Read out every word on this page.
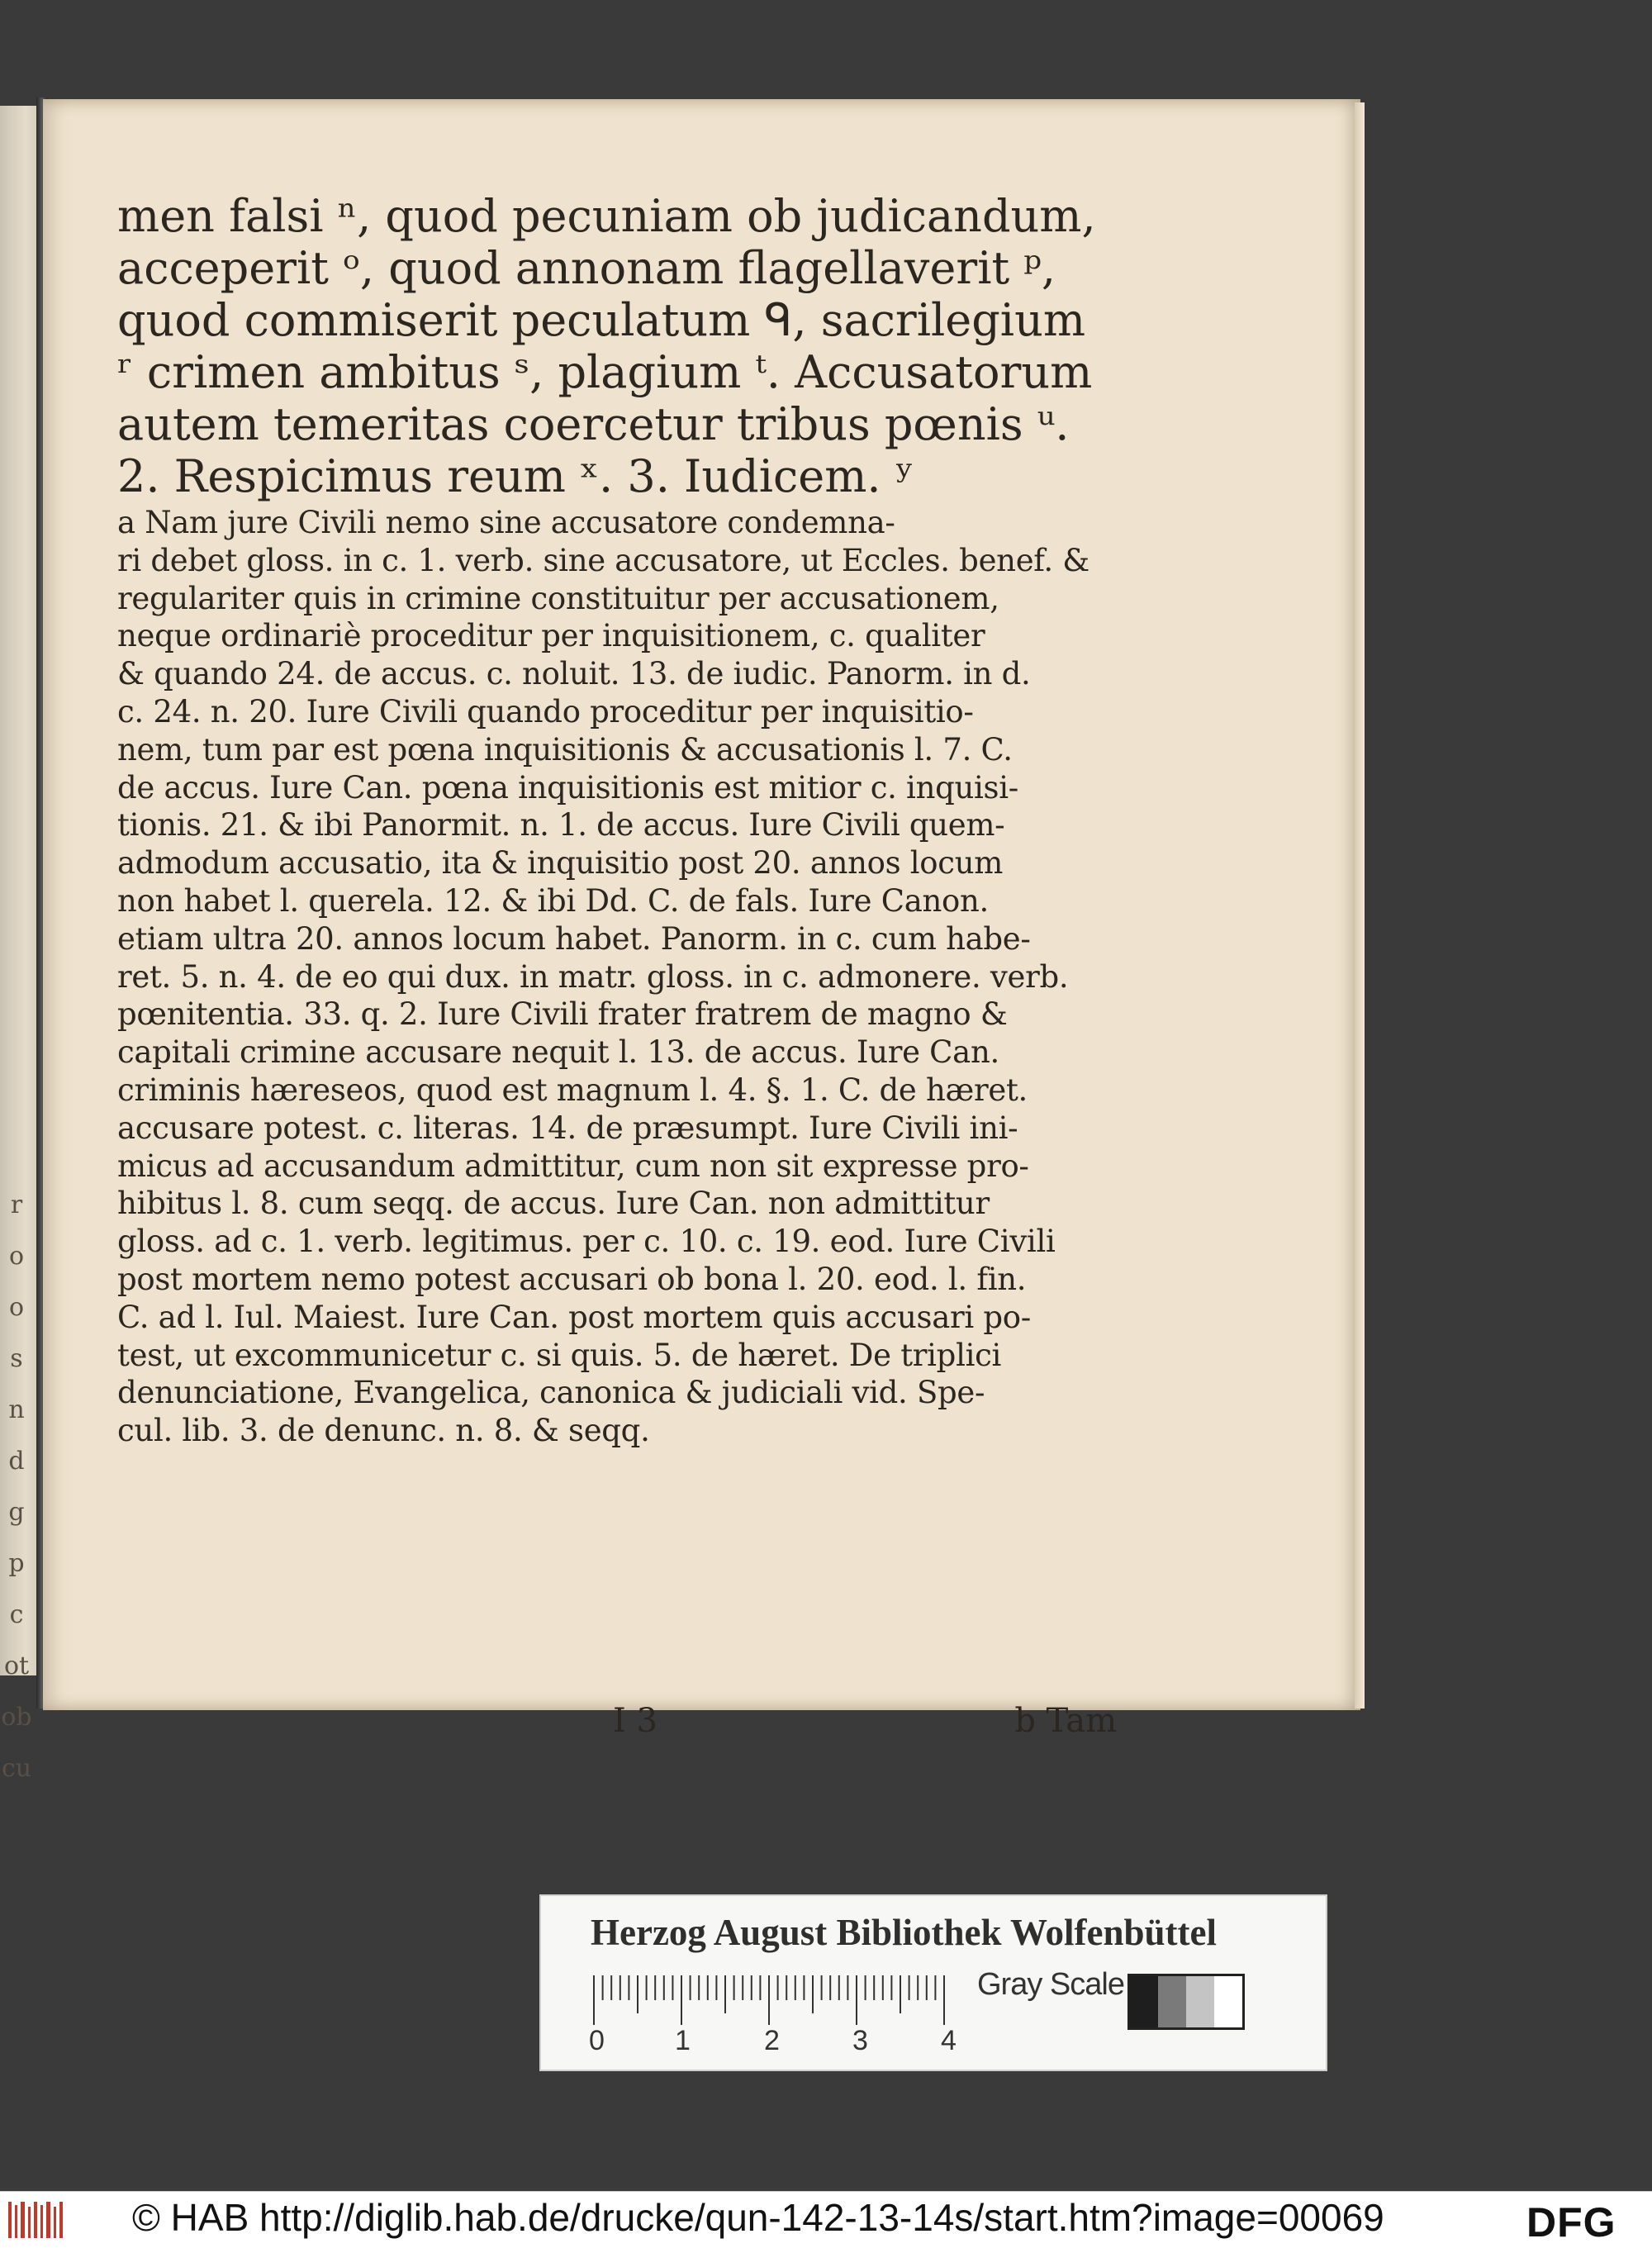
r
o
o
s
n
d
g
p
c
ot
ob
cu
men falsi ⁿ, quod pecuniam ob judicandum,
acceperit ᵒ, quod annonam flagellaverit ᵖ,
quod commiserit peculatum ᑫ, sacrilegium
ʳ crimen ambitus ˢ, plagium ᵗ. Accusatorum
autem temeritas coercetur tribus pœnis ᵘ.
2. Respicimus reum ˣ. 3. Iudicem. ʸ
a Nam jure Civili nemo sine accusatore condemna-
ri debet gloss. in c. 1. verb. sine accusatore, ut Eccles. benef. &
regulariter quis in crimine constituitur per accusationem,
neque ordinariè proceditur per inquisitionem, c. qualiter
& quando 24. de accus. c. noluit. 13. de iudic. Panorm. in d.
c. 24. n. 20. Iure Civili quando proceditur per inquisitio-
nem, tum par est pœna inquisitionis & accusationis l. 7. C.
de accus. Iure Can. pœna inquisitionis est mitior c. inquisi-
tionis. 21. & ibi Panormit. n. 1. de accus. Iure Civili quem-
admodum accusatio, ita & inquisitio post 20. annos locum
non habet l. querela. 12. & ibi Dd. C. de fals. Iure Canon.
etiam ultra 20. annos locum habet. Panorm. in c. cum habe-
ret. 5. n. 4. de eo qui dux. in matr. gloss. in c. admonere. verb.
pœnitentia. 33. q. 2. Iure Civili frater fratrem de magno &
capitali crimine accusare nequit l. 13. de accus. Iure Can.
criminis hæreseos, quod est magnum l. 4. §. 1. C. de hæret.
accusare potest. c. literas. 14. de præsumpt. Iure Civili ini-
micus ad accusandum admittitur, cum non sit expresse pro-
hibitus l. 8. cum seqq. de accus. Iure Can. non admittitur
gloss. ad c. 1. verb. legitimus. per c. 10. c. 19. eod. Iure Civili
post mortem nemo potest accusari ob bona l. 20. eod. l. fin.
C. ad l. Iul. Maiest. Iure Can. post mortem quis accusari po-
test, ut excommunicetur c. si quis. 5. de hæret. De triplici
denunciatione, Evangelica, canonica & judiciali vid. Spe-
cul. lib. 3. de denunc. n. 8. & seqq.
I 3	b Tam
Herzog August Bibliothek Wolfenbüttel
0	1	2	3	4
Gray Scale
© HAB http://diglib.hab.de/drucke/qun-142-13-14s/start.htm?image=00069	DFG
